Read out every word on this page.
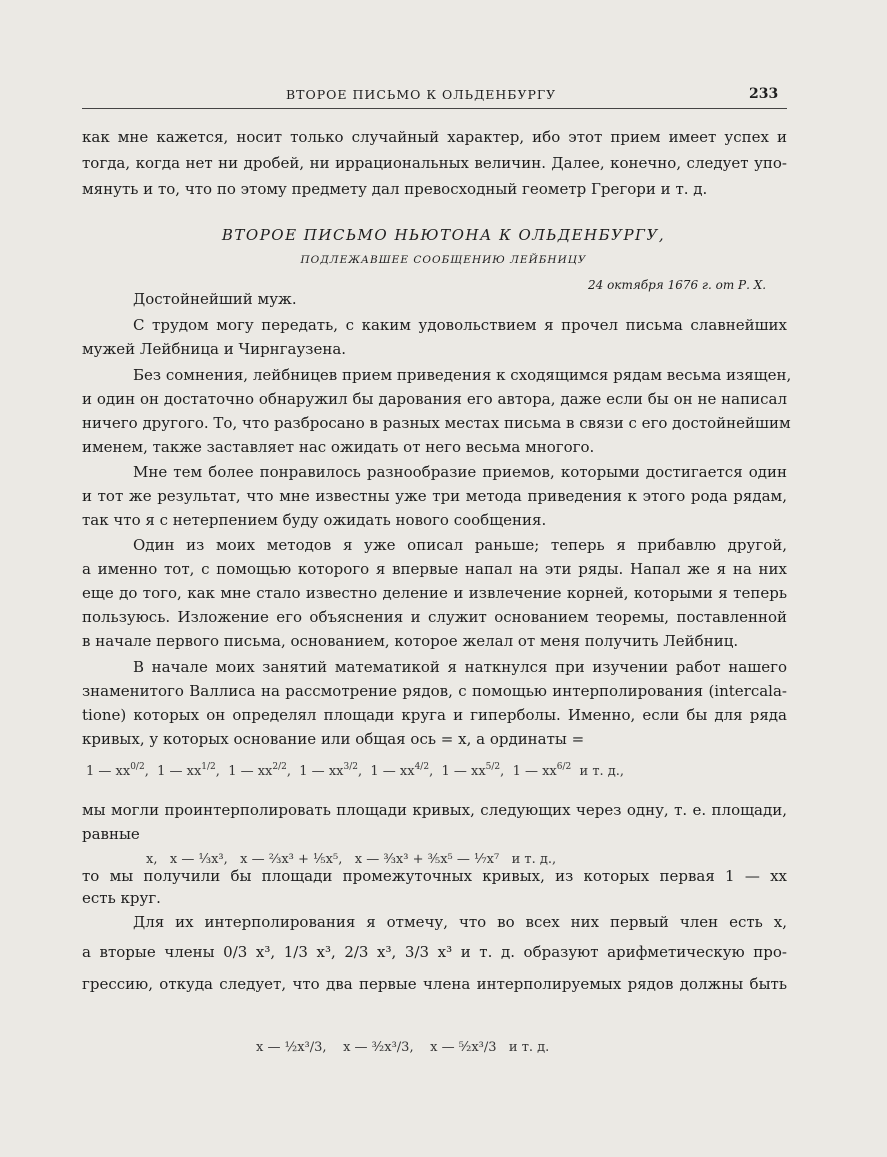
ВТОРОЕ ПИСЬМО К ОЛЬДЕНБУРГУ	233
как мне кажется, носит только случайный характер, ибо этот прием имеет успех и
тогда, когда нет ни дробей, ни иррациональных величин. Далее, конечно, следует упо-
мянуть и то, что по этому предмету дал превосходный геометр Грегори и т. д.
ВТОРОЕ ПИСЬМО НЬЮТОНА К ОЛЬДЕНБУРГУ,
ПОДЛЕЖАВШЕЕ СООБЩЕНИЮ ЛЕЙБНИЦУ
24 октября 1676 г. от Р. Х.
Достойнейший муж.
С трудом могу передать, с каким удовольствием я прочел письма славнейших
мужей Лейбница и Чирнгаузена.
Без сомнения, лейбницев прием приведения к сходящимся рядам весьма изящен,
и один он достаточно обнаружил бы дарования его автора, даже если бы он не написал
ничего другого. То, что разбросано в разных местах письма в связи с его достойнейшим
именем, также заставляет нас ожидать от него весьма многого.
Мне тем более понравилось разнообразие приемов, которыми достигается один
и тот же результат, что мне известны уже три метода приведения к этого рода рядам,
так что я с нетерпением буду ожидать нового сообщения.
Один из моих методов я уже описал раньше; теперь я прибавлю другой,
а именно тот, с помощью которого я впервые напал на эти ряды. Напал же я на них
еще до того, как мне стало известно деление и извлечение корней, которыми я теперь
пользуюсь. Изложение его объяснения и служит основанием теоремы, поставленной
в начале первого письма, основанием, которое желал от меня получить Лейбниц.
В начале моих занятий математикой я наткнулся при изучении работ нашего
знаменитого Валлиса на рассмотрение рядов, с помощью интерполирования (intercala-
tione) которых он определял площади круга и гиперболы. Именно, если бы для ряда
кривых, у которых основание или общая ось = x, а ординаты =
1 — $xx^{0/2}$,  1 — $xx^{1/2}$,  1 — $xx^{2/2}$,  1 — $xx^{3/2}$,  1 — $xx^{4/2}$,  1 — $xx^{5/2}$,  1 — $xx^{6/2}$ и т. д.,
мы могли проинтерполировать площади кривых, следующих через одну, т. е. площади,
равные
x, x — ⅓x³, x — ⅔x³ + ⅕x⁵, x — ³⁄₃x³ + ³⁄₅x⁵ — ⅐x⁷ и т. д.,
то мы получили бы площади промежуточных кривых, из которых первая 1 — xx
есть круг.
Для их интерполирования я отмечу, что во всех них первый член есть x,
а вторые члены 0/3 x³, 1/3 x³, 2/3 x³, 3/3 x³ и т. д. образуют арифметическую про-
грессию, откуда следует, что два первые члена интерполируемых рядов должны быть
x — ½x³/3, x — ³⁄₂x³/3, x — ⁵⁄₂x³/3 и т. д.
